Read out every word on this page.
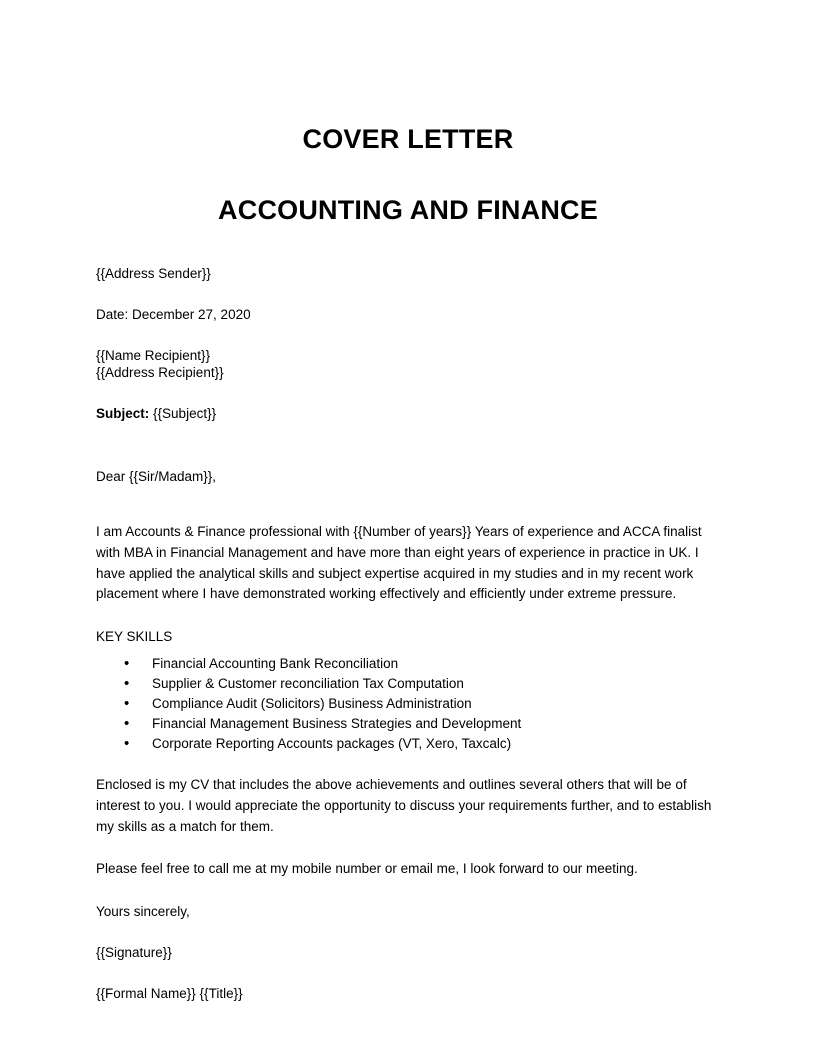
COVER LETTER
ACCOUNTING AND FINANCE

{{Address Sender}}

Date: December 27, 2020

{{Name Recipient}}

{{Address Recipient}}

Subject: {{Subject}}

Dear {{Sir/Madam}},

I am Accounts & Finance professional with {{Number of years}} Years of experience and ACCA finalist with MBA in Financial Management and have more than eight years of experience in practice in UK. I have applied the analytical skills and subject expertise acquired in my studies and in my recent work placement where I have demonstrated working effectively and efficiently under extreme pressure.

KEY SKILLS

• Financial Accounting Bank Reconciliation
• Supplier & Customer reconciliation Tax Computation
• Compliance Audit (Solicitors) Business Administration
• Financial Management Business Strategies and Development
• Corporate Reporting Accounts packages (VT, Xero, Taxcalc)

Enclosed is my CV that includes the above achievements and outlines several others that will be of interest to you. I would appreciate the opportunity to discuss your requirements further, and to establish my skills as a match for them.

Please feel free to call me at my mobile number or email me, I look forward to our meeting.

Yours sincerely,

{{Signature}}

{{Formal Name}} {{Title}}
